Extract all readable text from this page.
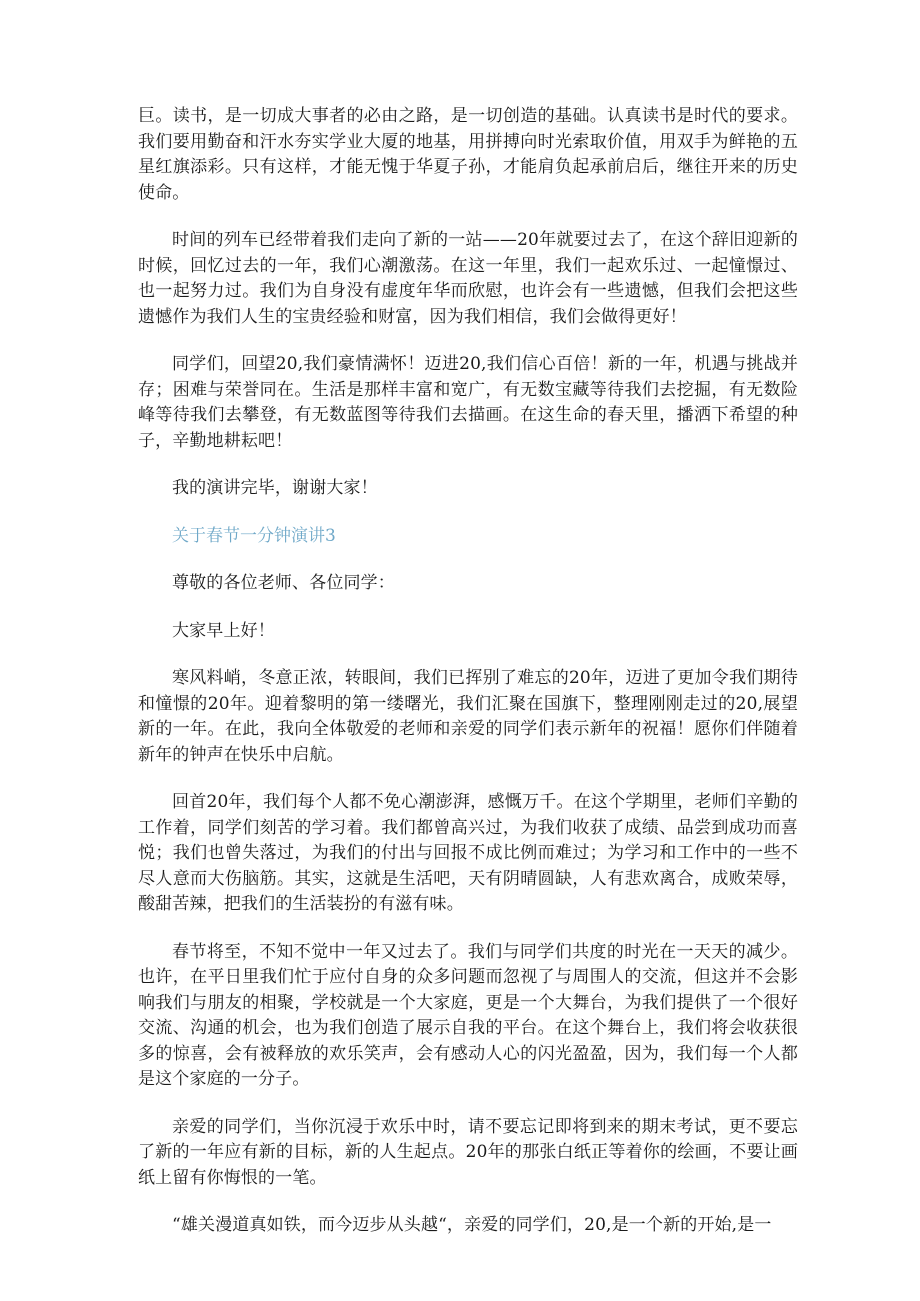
巨。读书，是一切成大事者的必由之路，是一切创造的基础。认真读书是时代的要求。我们要用勤奋和汗水夯实学业大厦的地基，用拼搏向时光索取价值，用双手为鲜艳的五星红旗添彩。只有这样，才能无愧于华夏子孙，才能肩负起承前启后，继往开来的历史使命。

时间的列车已经带着我们走向了新的一站——20年就要过去了，在这个辞旧迎新的时候，回忆过去的一年，我们心潮激荡。在这一年里，我们一起欢乐过、一起憧憬过、也一起努力过。我们为自身没有虚度年华而欣慰，也许会有一些遗憾，但我们会把这些遗憾作为我们人生的宝贵经验和财富，因为我们相信，我们会做得更好！

同学们，回望20,我们豪情满怀！迈进20,我们信心百倍！新的一年，机遇与挑战并存；困难与荣誉同在。生活是那样丰富和宽广，有无数宝藏等待我们去挖掘，有无数险峰等待我们去攀登，有无数蓝图等待我们去描画。在这生命的春天里，播洒下希望的种子，辛勤地耕耘吧！

我的演讲完毕，谢谢大家！

关于春节一分钟演讲3

尊敬的各位老师、各位同学：

大家早上好！

寒风料峭，冬意正浓，转眼间，我们已挥别了难忘的20年，迈进了更加令我们期待和憧憬的20年。迎着黎明的第一缕曙光，我们汇聚在国旗下，整理刚刚走过的20,展望新的一年。在此，我向全体敬爱的老师和亲爱的同学们表示新年的祝福！愿你们伴随着新年的钟声在快乐中启航。

回首20年，我们每个人都不免心潮澎湃，感慨万千。在这个学期里，老师们辛勤的工作着，同学们刻苦的学习着。我们都曾高兴过，为我们收获了成绩、品尝到成功而喜悦；我们也曾失落过，为我们的付出与回报不成比例而难过；为学习和工作中的一些不尽人意而大伤脑筋。其实，这就是生活吧，天有阴晴圆缺，人有悲欢离合，成败荣辱，酸甜苦辣，把我们的生活装扮的有滋有味。

春节将至，不知不觉中一年又过去了。我们与同学们共度的时光在一天天的减少。也许，在平日里我们忙于应付自身的众多问题而忽视了与周围人的交流，但这并不会影响我们与朋友的相聚，学校就是一个大家庭，更是一个大舞台，为我们提供了一个很好交流、沟通的机会，也为我们创造了展示自我的平台。在这个舞台上，我们将会收获很多的惊喜，会有被释放的欢乐笑声，会有感动人心的闪光盈盈，因为，我们每一个人都是这个家庭的一分子。

亲爱的同学们，当你沉浸于欢乐中时，请不要忘记即将到来的期末考试，更不要忘了新的一年应有新的目标，新的人生起点。20年的那张白纸正等着你的绘画，不要让画纸上留有你悔恨的一笔。

“雄关漫道真如铁，而今迈步从头越“，亲爱的同学们，20,是一个新的开始,是一
